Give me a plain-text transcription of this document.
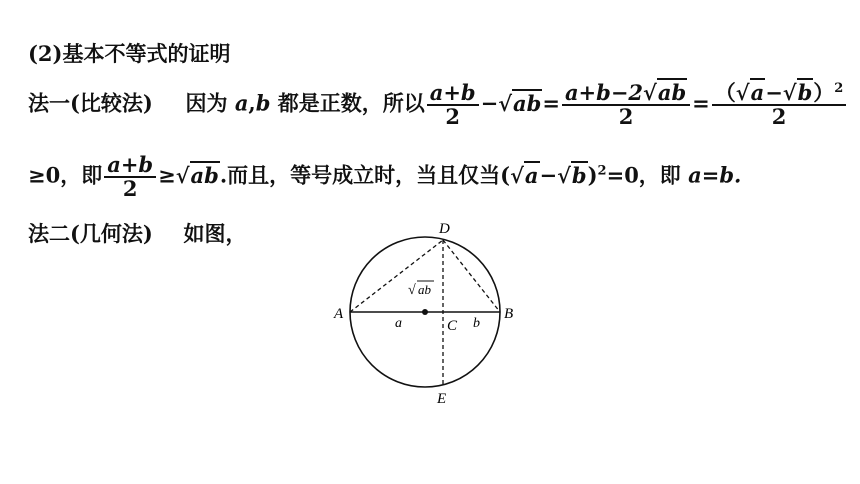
(2)基本不等式的证明
法一(比较法) 因为 a,b 都是正数，所以 $\frac{a+b}{2} -√ab= \frac{a+b-2√ab}{2} = \frac{(√a-√b)^2}{2}$
≥0，即 $\frac{a+b}{2} \ge√ab$.而且，等号成立时，当且仅当$(√a-√b)^2=0$，即 a=b.
法二(几何法) 如图，	D
A	B
C
E
a	b
√ ab
